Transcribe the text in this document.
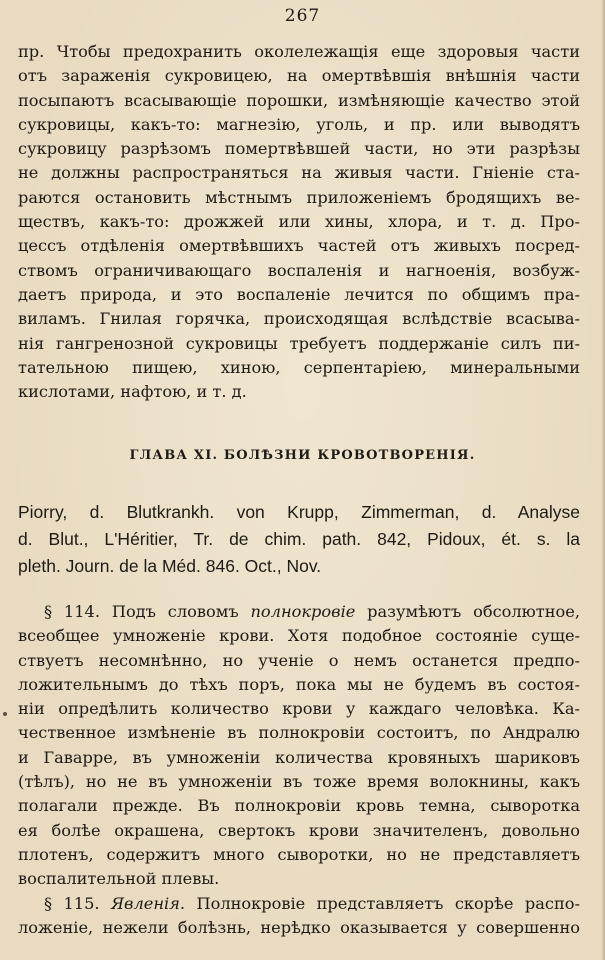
267
пр. Чтобы предохранить околележащія еще здоровыя части
отъ зараженія сукровицею, на омертвѣвшія внѣшнія части
посыпаютъ всасывающіе порошки, измѣняющіе качество этой
сукровицы, какъ-то: магнезію, уголь, и пр. или выводятъ
сукровицу разрѣзомъ помертвѣвшей части, но эти разрѣзы
не должны распространяться на живыя части. Гніеніе ста-
раются остановить мѣстнымъ приложеніемъ бродящихъ ве-
ществъ, какъ-то: дрожжей или хины, хлора, и т. д. Про-
цессъ отдѣленія омертвѣвшихъ частей отъ живыхъ посред-
ствомъ ограничивающаго воспаленія и нагноенія, возбуж-
даетъ природа, и это воспаленіе лечится по общимъ пра-
виламъ. Гнилая горячка, происходящая вслѣдствіе всасыва-
нія гангренозной сукровицы требуетъ поддержаніе силъ пи-
тательною пищею, хиною, серпентаріею, минеральными
кислотами, нафтою, и т. д.
ГЛАВА XI. БОЛѢЗНИ КРОВОТВОРЕНІЯ.
Piorry, d. Blutkrankh. von Krupp, Zimmerman, d. Analyse
d. Blut., L'Héritier, Tr. de chim. path. 842, Pidoux, ét. s. la
pleth. Journ. de la Méd. 846. Oct., Nov.
§ 114. Подъ словомъ полнокровіе разумѣютъ обсолютное,
всеобщее умноженіе крови. Хотя подобное состояніе суще-
ствуетъ несомнѣнно, но ученіе о немъ останется предпо-
ложительнымъ до тѣхъ поръ, пока мы не будемъ въ состоя-
ніи опредѣлить количество крови у каждаго человѣка. Ка-
чественное измѣненіе въ полнокровіи состоитъ, по Андралю
и Гаварре, въ умноженіи количества кровяныхъ шариковъ
(тѣлъ), но не въ умноженіи въ тоже время волокнины, какъ
полагали прежде. Въ полнокровіи кровь темна, сыворотка
ея болѣе окрашена, свертокъ крови значителенъ, довольно
плотенъ, содержитъ много сыворотки, но не представляетъ
воспалительной плевы.
§ 115. Явленія. Полнокровіе представляетъ скорѣе распо-
ложеніе, нежели болѣзнь, нерѣдко оказывается у совершенно
